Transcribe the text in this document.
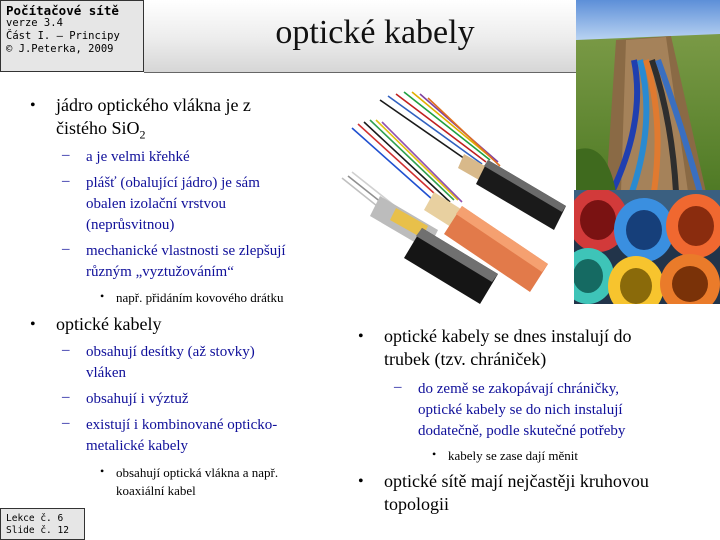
Počítačové sítě
verze 3.4
Část I. – Principy
© J.Peterka, 2009	optické kabely
• jádro optického vlákna je z
čistého SiO$_2$
– a je velmi křehké
– plášť (obalující jádro) je sám
obalen izolační vrstvou
(neprůsvitnou)
– mechanické vlastnosti se zlepšují
různým „vyztužováním“
• např. přidáním kovového drátku
• optické kabely
– obsahují desítky (až stovky)
vláken
– obsahují i výztuž
– existují i kombinované opticko-
metalické kabely
• obsahují optická vlákna a např.
koaxiální kabel
• optické kabely se dnes instalují do
trubek (tzv. chrániček)
– do země se zakopávají chráničky,
optické kabely se do nich instalují
dodatečně, podle skutečné potřeby
• kabely se zase dají měnit
• optické sítě mají nejčastěji kruhovou
topologii
Lekce č. 6
Slide č. 12
